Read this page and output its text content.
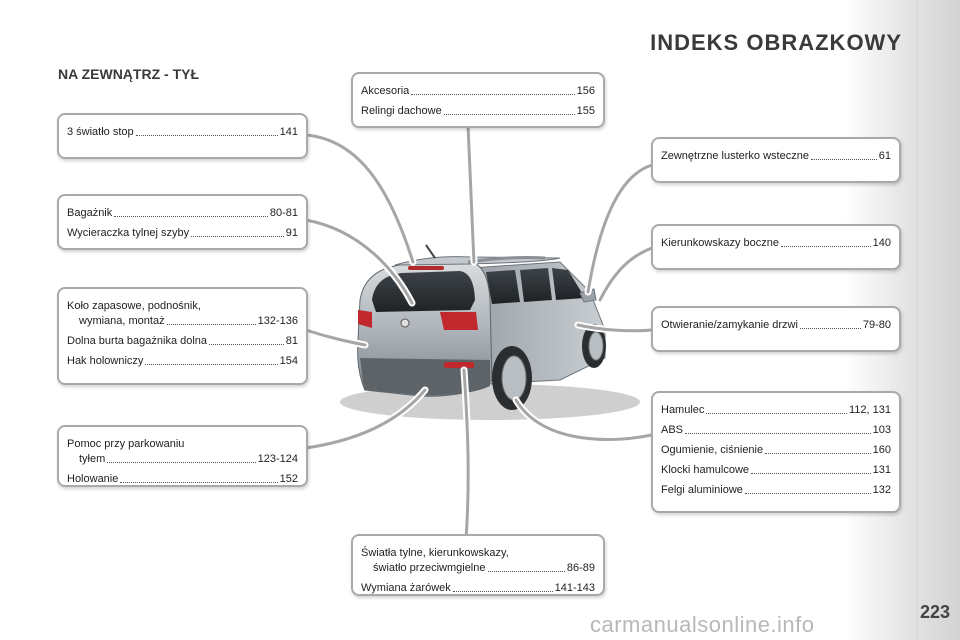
INDEKS OBRAZKOWY
NA ZEWNĄTRZ - TYŁ
3 światło stop	141
Bagażnik	80-81
Wycieraczka tylnej szyby	91
Koło zapasowe, podnośnik,
wymiana, montaż	132-136
Dolna burta bagażnika dolna	81
Hak holowniczy	154
Pomoc przy parkowaniu
tyłem	123-124
Holowanie	152
Akcesoria	156
Relingi dachowe	155
Światła tylne, kierunkowskazy,
światło przeciwmgielne	86-89
Wymiana żarówek	141-143
Zewnętrzne lusterko wsteczne	61
Kierunkowskazy boczne	140
Otwieranie/zamykanie drzwi	79-80
Hamulec	112, 131
ABS	103
Ogumienie, ciśnienie	160
Klocki hamulcowe	131
Felgi aluminiowe	132
223
carmanualsonline.info
